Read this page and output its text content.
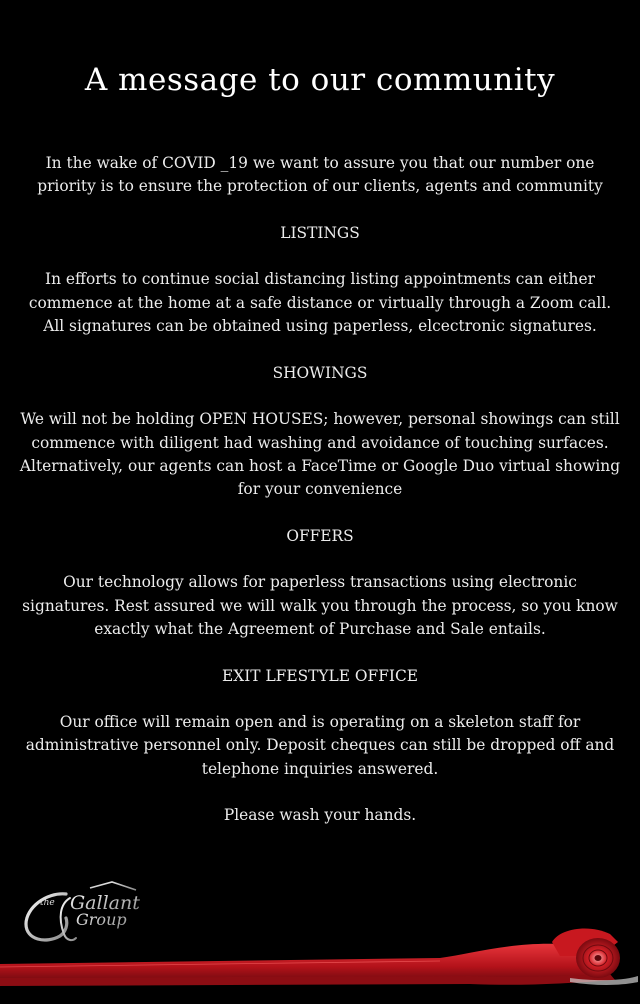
A message to our community

In the wake of COVID _19 we want to assure you that our number one priority is to ensure the protection of our clients, agents and community

LISTINGS

In efforts to continue social distancing listing appointments can either commence at the home at a safe distance or virtually through a Zoom call. All signatures can be obtained using paperless, elcectronic signatures.

SHOWINGS

We will not be holding OPEN HOUSES; however, personal showings can still commence with diligent had washing and avoidance of touching surfaces. Alternatively, our agents can host a FaceTime or Google Duo virtual showing for your convenience

OFFERS

Our technology allows for paperless transactions using electronic signatures. Rest assured we will walk you through the process, so you know exactly what the Agreement of Purchase and Sale entails.

EXIT LFESTYLE OFFICE

Our office will remain open and is operating on a skeleton staff for administrative personnel only. Deposit cheques can still be dropped off and telephone inquiries answered.

Please wash your hands.

the Gallant
Group
